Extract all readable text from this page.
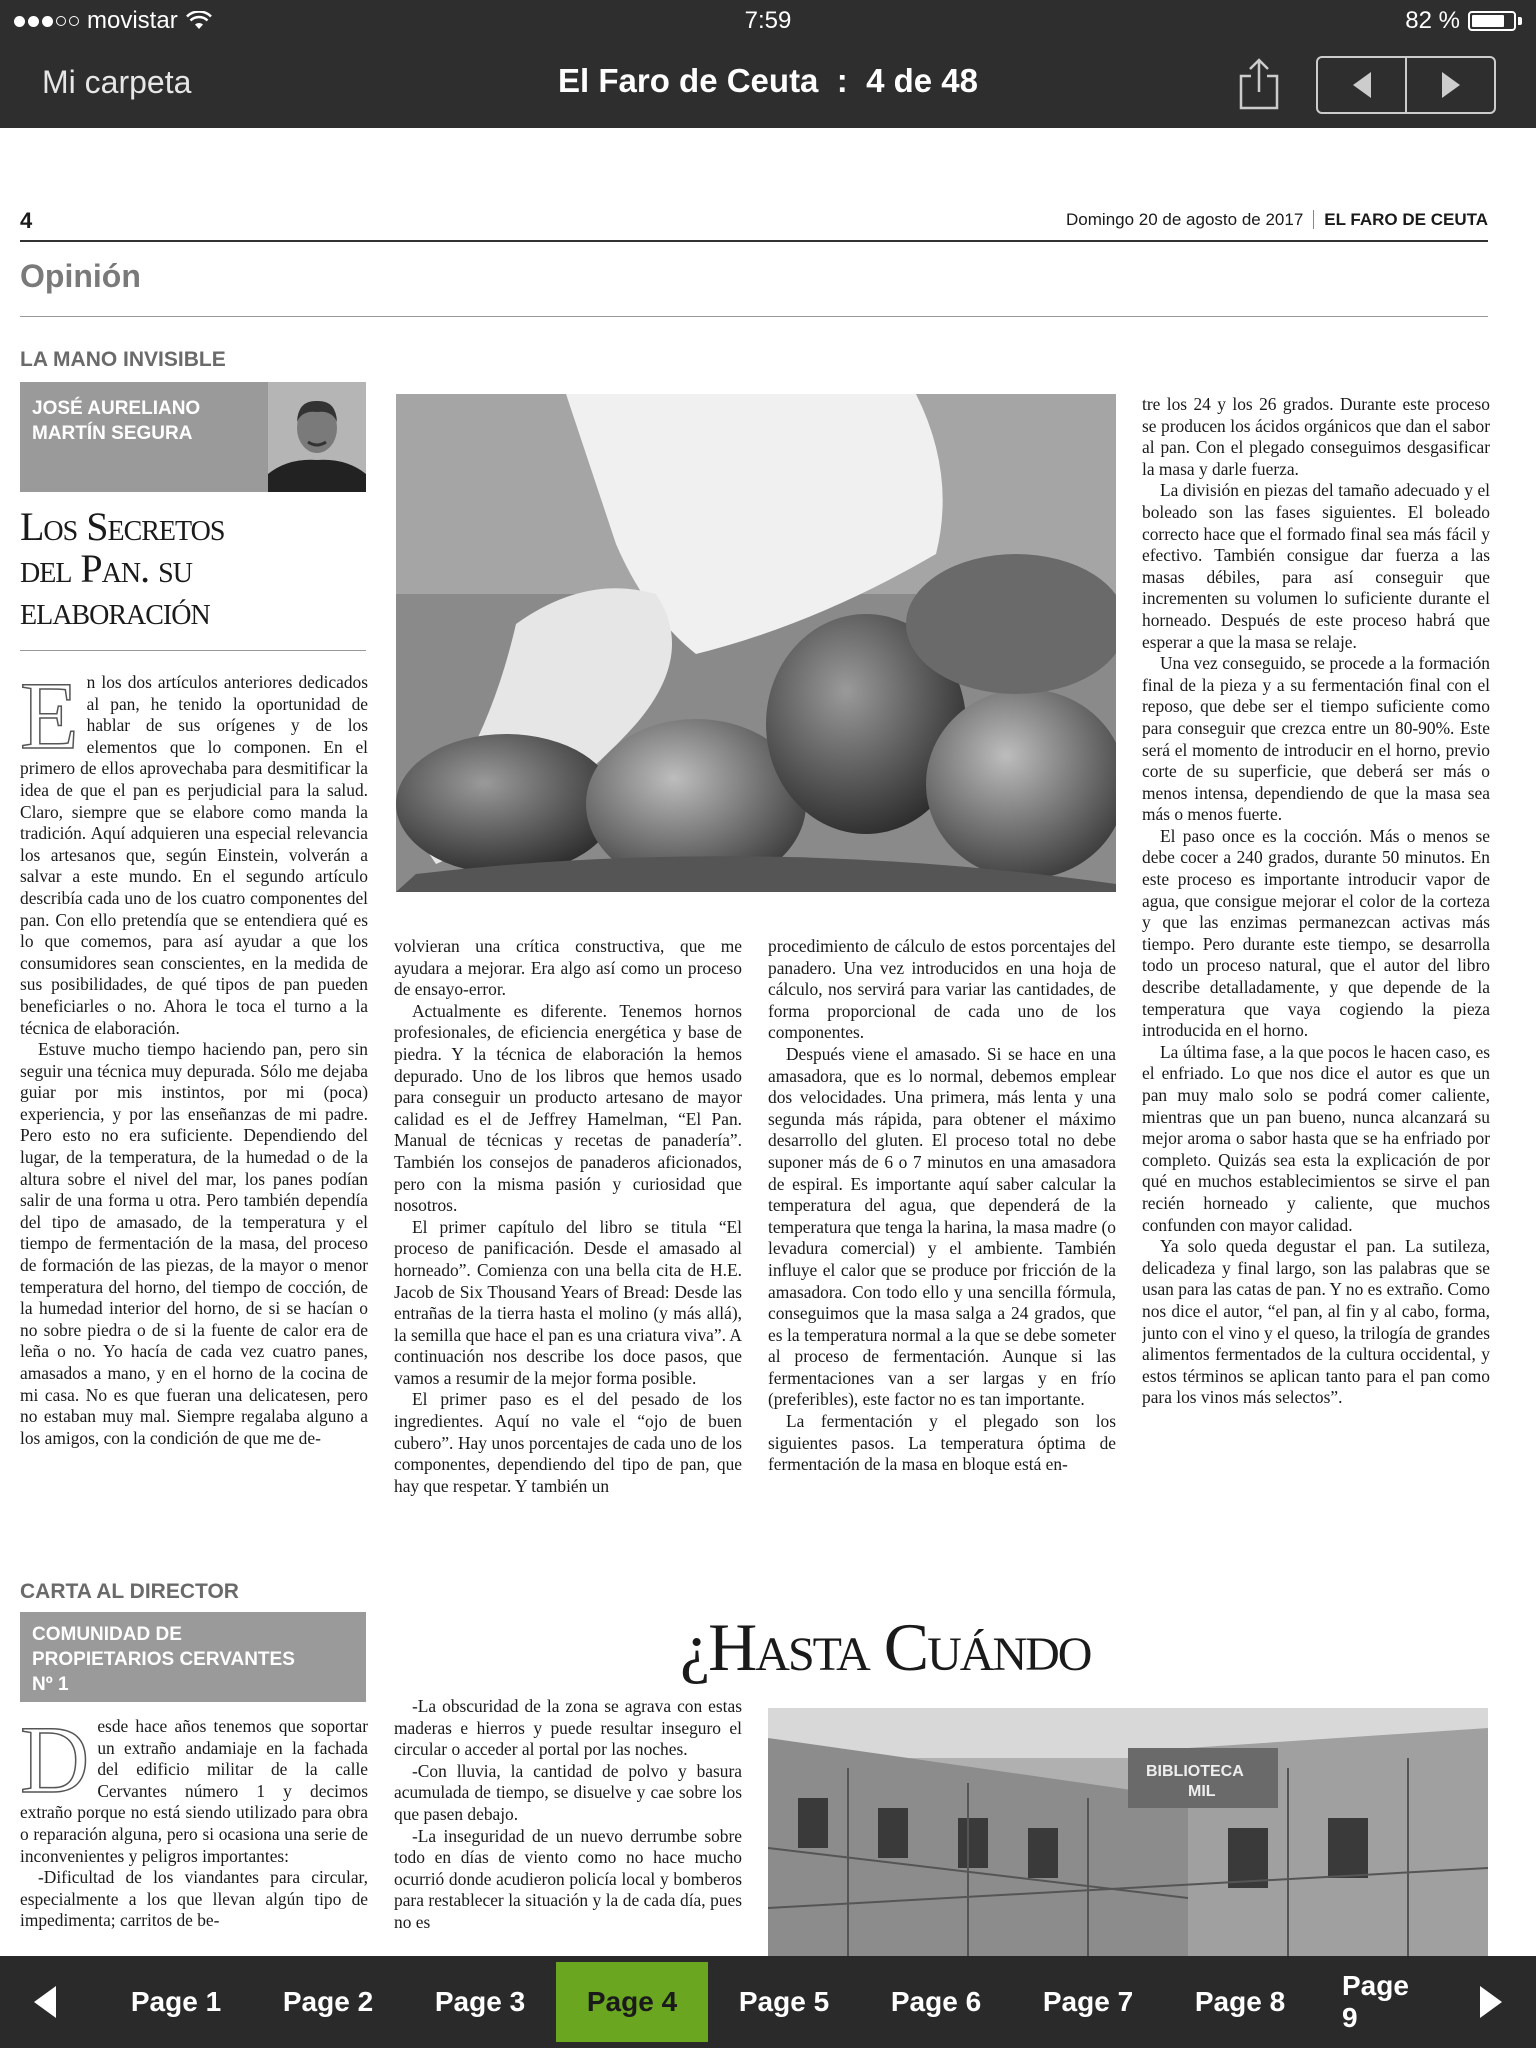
movistar	7:59	82 %
Mi carpeta	El Faro de Ceuta  :  4 de 48
4	Domingo 20 de agosto de 2017 EL FARO DE CEUTA
Opinión
LA MANO INVISIBLE
JOSÉ AURELIANO
MARTÍN SEGURA
Los Secretos
del Pan. su
elaboración
E n los dos artículos anteriores dedicados al pan, he tenido la oportunidad de hablar de sus orígenes y de los elementos que lo componen. En el primero de ellos aprovechaba para desmitificar la idea de que el pan es perjudicial para la salud. Claro, siempre que se elabore como manda la tradición. Aquí adquieren una especial relevancia los artesanos que, según Einstein, volverán a salvar a este mundo. En el segundo artículo describía cada uno de los cuatro componentes del pan. Con ello pretendía que se entendiera qué es lo que comemos, para así ayudar a que los consumidores sean conscientes, en la medida de sus posibilidades, de qué tipos de pan pueden beneficiarles o no. Ahora le toca el turno a la técnica de elaboración.

Estuve mucho tiempo haciendo pan, pero sin seguir una técnica muy depurada. Sólo me dejaba guiar por mis instintos, por mi (poca) experiencia, y por las enseñanzas de mi padre. Pero esto no era suficiente. Dependiendo del lugar, de la temperatura, de la humedad o de la altura sobre el nivel del mar, los panes podían salir de una forma u otra. Pero también dependía del tipo de amasado, de la temperatura y el tiempo de fermentación de la masa, del proceso de formación de las piezas, de la mayor o menor temperatura del horno, del tiempo de cocción, de la humedad interior del horno, de si se hacían o no sobre piedra o de si la fuente de calor era de leña o no. Yo hacía de cada vez cuatro panes, amasados a mano, y en el horno de la cocina de mi casa. No es que fueran una delicatesen, pero no estaban muy mal. Siempre regalaba alguno a los amigos, con la condición de que me de-

volvieran una crítica constructiva, que me ayudara a mejorar. Era algo así como un proceso de ensayo-error.

Actualmente es diferente. Tenemos hornos profesionales, de eficiencia energética y base de piedra. Y la técnica de elaboración la hemos depurado. Uno de los libros que hemos usado para conseguir un producto artesano de mayor calidad es el de Jeffrey Hamelman, “El Pan. Manual de técnicas y recetas de panadería”. También los consejos de panaderos aficionados, pero con la misma pasión y curiosidad que nosotros.

El primer capítulo del libro se titula “El proceso de panificación. Desde el amasado al horneado”. Comienza con una bella cita de H.E. Jacob de Six Thousand Years of Bread: Desde las entrañas de la tierra hasta el molino (y más allá), la semilla que hace el pan es una criatura viva”. A continuación nos describe los doce pasos, que vamos a resumir de la mejor forma posible.

El primer paso es el del pesado de los ingredientes. Aquí no vale el “ojo de buen cubero”. Hay unos porcentajes de cada uno de los componentes, dependiendo del tipo de pan, que hay que respetar. Y también un

procedimiento de cálculo de estos porcentajes del panadero. Una vez introducidos en una hoja de cálculo, nos servirá para variar las cantidades, de forma proporcional de cada uno de los componentes.

Después viene el amasado. Si se hace en una amasadora, que es lo normal, debemos emplear dos velocidades. Una primera, más lenta y una segunda más rápida, para obtener el máximo desarrollo del gluten. El proceso total no debe suponer más de 6 o 7 minutos en una amasadora de espiral. Es importante aquí saber calcular la temperatura del agua, que dependerá de la temperatura que tenga la harina, la masa madre (o levadura comercial) y el ambiente. También influye el calor que se produce por fricción de la amasadora. Con todo ello y una sencilla fórmula, conseguimos que la masa salga a 24 grados, que es la temperatura normal a la que se debe someter al proceso de fermentación. Aunque si las fermentaciones van a ser largas y en frío (preferibles), este factor no es tan importante.

La fermentación y el plegado son los siguientes pasos. La temperatura óptima de fermentación de la masa en bloque está en-

tre los 24 y los 26 grados. Durante este proceso se producen los ácidos orgánicos que dan el sabor al pan. Con el plegado conseguimos desgasificar la masa y darle fuerza.

La división en piezas del tamaño adecuado y el boleado son las fases siguientes. El boleado correcto hace que el formado final sea más fácil y efectivo. También consigue dar fuerza a las masas débiles, para así conseguir que incrementen su volumen lo suficiente durante el horneado. Después de este proceso habrá que esperar a que la masa se relaje.

Una vez conseguido, se procede a la formación final de la pieza y a su fermentación final con el reposo, que debe ser el tiempo suficiente como para conseguir que crezca entre un 80-90%. Este será el momento de introducir en el horno, previo corte de su superficie, que deberá ser más o menos intensa, dependiendo de que la masa sea más o menos fuerte.

El paso once es la cocción. Más o menos se debe cocer a 240 grados, durante 50 minutos. En este proceso es importante introducir vapor de agua, que consigue mejorar el color de la corteza y que las enzimas permanezcan activas más tiempo. Pero durante este tiempo, se desarrolla todo un proceso natural, que el autor del libro describe detalladamente, y que depende de la temperatura que vaya cogiendo la pieza introducida en el horno.

La última fase, a la que pocos le hacen caso, es el enfriado. Lo que nos dice el autor es que un pan muy malo solo se podrá comer caliente, mientras que un pan bueno, nunca alcanzará su mejor aroma o sabor hasta que se ha enfriado por completo. Quizás sea esta la explicación de por qué en muchos establecimientos se sirve el pan recién horneado y caliente, que muchos confunden con mayor calidad.

Ya solo queda degustar el pan. La sutileza, delicadeza y final largo, son las palabras que se usan para las catas de pan. Y no es extraño. Como nos dice el autor, “el pan, al fin y al cabo, forma, junto con el vino y el queso, la trilogía de grandes alimentos fermentados de la cultura occidental, y estos términos se aplican tanto para el pan como para los vinos más selectos”.

CARTA AL DIRECTOR
COMUNIDAD DE
PROPIETARIOS CERVANTES
Nº 1	¿Hasta Cuándo
D esde hace años tenemos que soportar un extraño andamiaje en la fachada del edificio militar de la calle Cervantes número 1 y decimos extraño porque no está siendo utilizado para obra o reparación alguna, pero si ocasiona una serie de inconvenientes y peligros importantes:

-Dificultad de los viandantes para circular, especialmente a los que llevan algún tipo de impedimenta; carritos de be-

-La obscuridad de la zona se agrava con estas maderas e hierros y puede resultar inseguro el circular o acceder al portal por las noches.

-Con lluvia, la cantidad de polvo y basura acumulada de tiempo, se disuelve y cae sobre los que pasen debajo.

-La inseguridad de un nuevo derrumbe sobre todo en días de viento como no hace mucho ocurrió donde acudieron policía local y bomberos para restablecer la situación y la de cada día, pues no es

BIBLIOTECA
MIL
Page 1	Page 2	Page 3	Page 4	Page 5	Page 6	Page 7	Page 8
Page 9
